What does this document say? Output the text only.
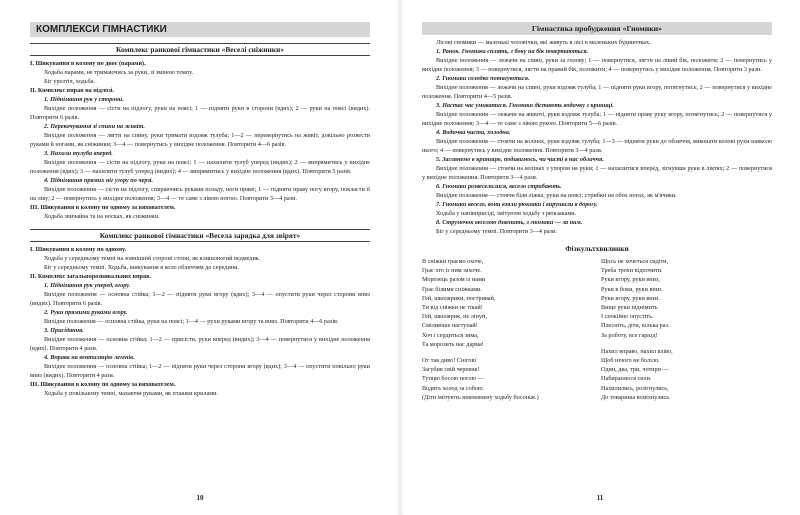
КОМПЛЕКСИ ГІМНАСТИКИ
Комплекс ранкової гімнастики «Веселі сніжинки»
І. Шикування в колону по двоє (парами).
Ходьба парами, не тримаючись за руки, зі зміною темпу.
Біг урозтіч, ходьба.
ІІ. Комплекс вправ на підлозі.
1. Піднімання рук у сторони.
Вихідне положення — сісти на підлогу, руки на поясі; 1 — підняти руки в сторони (вдих); 2 — руки на поясі (видих). Повторити 6 разів.
2. Перекочування зі спини на живіт.
Вихідне положення — лягти на спину, руки тримати вздовж тулуба; 1—2 — перевернутись на живіт, довільно розвести руками й ногами, як сніжинки; 3—4 — повернутись у вихідне положення. Повторити 4—6 разів.
3. Нахили тулуба вперед.
Вихідне положення — сісти на підлогу, руки на поясі; 1 — нахилити тулуб уперед (видих); 2 — випрямитись у вихідне положення (вдих); 3 — нахилити тулуб уперед (видих); 4 — випрямитись у вихідне положення (вдих). Повторити 5 разів.
4. Піднімання прямих ніг угору по черзі.
Вихідне положення — сісти на підлогу, спираючись руками позаду, ноги прямі; 1 — підняти праву ногу вгору, покласти її на ліву; 2 — повернутись у вихідне положення; 3—4 — те саме з лівою ногою. Повторити 3—4 рази.
ІІІ. Шикування в колону по одному за вихователем.
Ходьба звичайна та на носках, як сніжинки.
Комплекс ранкової гімнастики «Весела зарядка для звірят»
І. Шикування в колону по одному.
Ходьба у середньому темпі на зовнішній стороні стопи, як клишоногий ведмедик.
Біг у середньому темпі. Ходьба, шикування в коло обличчям до середини.
ІІ. Комплекс загальнорозвивальних вправ.
1. Піднімання рук уперед, вгору.
Вихідне положення — основна стійка; 1—2 — підняти руки вгору (вдих); 3—4 — опустити руки через сторони вниз (видих). Повторити 6 разів.
2. Руки прямими руками вгору.
Вихідне положення — основна стійка, руки на поясі; 1—4 — рухи руками вгору та вниз. Повторити 4—6 разів.
3. Присідання.
Вихідне положення — основна стійка; 1—2 — присісти, руки вперед (видих); 3—4 — повернутися у вихідне положення (вдих). Повторити 4 рази.
4. Вправа на вентиляцію легенів.
Вихідне положення — основна стійка; 1—2 — підняти руки через сторони вгору (вдих); 3—4 — опустити повільно руки вниз (видих). Повторити 4 рази.
ІІІ. Шикування в колону по одному за вихователем.
Ходьба у повільному темпі, махаючи руками, як пташки крилами.
10
Гімнастика пробудження «Гномики»
Лісові гномики — маленькі чоловічки, які живуть в лісі в маленьких будиночках.
1. Ранок. Гномики сплять, з боку на бік повертаються.
Вихідне положення — лежачи на спині, руки за голову; 1 — повернутися, лягти на лівий бік, положити; 2 — повернутись у вихідне положення; 3 — повернутися, лягти на правий бік, положити; 4 — повернутись у вихідне положення. Повторити 3 рази.
2. Гномики солодко потягуються.
Вихідне положення — лежачи на спині, руки вздовж тулуба; 1 — підняти руки вгору, потягнутись; 2 — повернутися у вихідне положення. Повторити 4—5 разів.
3. Настає час умиватися. Гномики дістають водичку з криниці.
Вихідне положення — лежачи на животі, руки вздовж тулуба; 1 — підняти праву руку вгору, потягнутись; 2 — повернутися у вихідне положення; 3—4 — те саме з лівою рукою. Повторити 5—6 разів.
4. Водичка чиста, холодна.
Вихідне положення — стоячи на колінах, руки вздовж тулуба; 1—3 — підняти руки до обличчя, виконати колові рухи навколо нього; 4 — повернутись у вихідне положення. Повторити 3—4 рази.
5. Заглянемо в криницю, подивимось, чи чисті в нас обличчя.
Вихідне положення — стоячи на колінах з упором на руки; 1 — нахилитися вперед, зігнувши руки в ліктях; 2 — повернутися у вихідне положення. Повторити 3—4 рази.
6. Гномики розвеселилися, весело стрибають.
Вихідне положення — стоячи біля ліжка, руки на поясі; стрибки на обох ногах, як м'ячики.
7. Гномики весело, вони взяли рюкзаки і вирушили в дорогу.
Ходьба у напівприсіді, імітуючи ходьбу з рюкзаками.
8. Струмочок веселою дзвенить, з гномики — за ним.
Біг у середньому темпі. Повторити 3—4 рази.
Фізкультхвилинки
В сніжки граємо охоче,
Грає хто із ним захоче.
Морозець разом із нами
Грає білими сніжками.
Гей, школярики, постривай,
Ти від сніжки не тікай!
Гей, школярик, не лінуй,
Сміливіше наступай!
Хоч і сердиться зима,
Та морозить нас дарма!
От так диво! Снігові
Загубив свій черевик!
Тупцю босою ногою —
Водить холод за собою.
(Діти імітують невпевнену ходьбу босоніж.)
Щось не хочеться сидіти,
Треба трохи відпочити.
Руки вгору, руки вниз,
Руки в боки, руки вниз.
Руки вгору, руки вниз.
Вище руки піднімить
І спокійно опустіть.
Плесніть, діти, кілька раз.
За роботу, все гаразд!
Нахил вправо, нахил вліво,
Щоб нічого не боліло.
Один, два, три, чотири —
Набираємося сили.
Нахилились, розігнулись,
До товариша всміхнулись.
11
